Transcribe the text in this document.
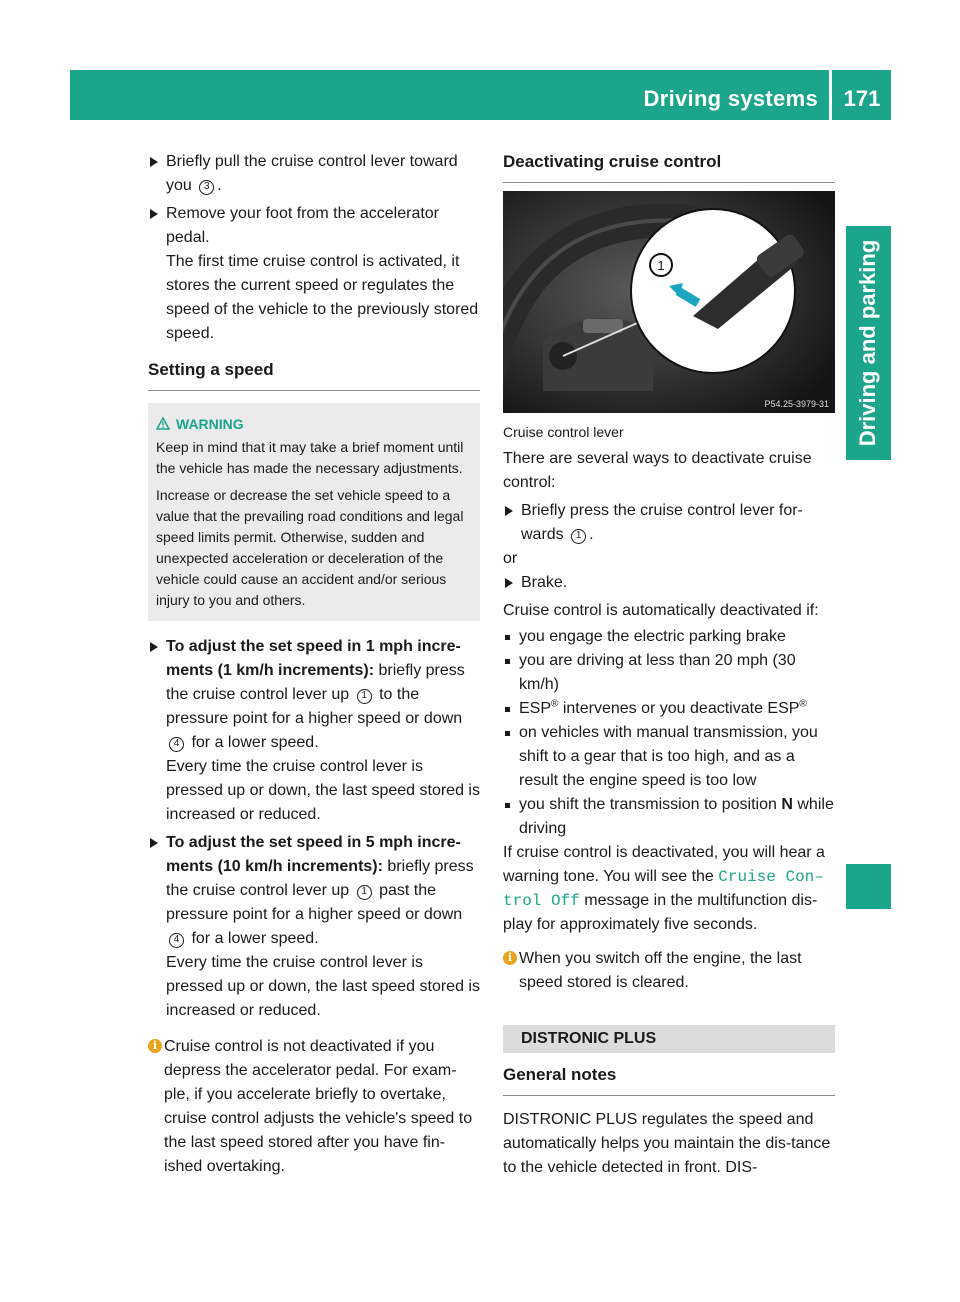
Driving systems 171
Driving and parking
Briefly pull the cruise control lever toward you 3 .
Remove your foot from the accelerator pedal.
The first time cruise control is activated, it stores the current speed or regulates the speed of the vehicle to the previously stored speed.
Setting a speed
WARNING

Keep in mind that it may take a brief moment until the vehicle has made the necessary adjustments.

Increase or decrease the set vehicle speed to a value that the prevailing road conditions and legal speed limits permit. Otherwise, sudden and unexpected acceleration or deceleration of the vehicle could cause an accident and/or serious injury to you and others.

To adjust the set speed in 1 mph incre-ments (1 km/h increments): briefly press the cruise control lever up 1 to the pressure point for a higher speed or down 4 for a lower speed.
Every time the cruise control lever is pressed up or down, the last speed stored is increased or reduced.
To adjust the set speed in 5 mph incre-ments (10 km/h increments): briefly press the cruise control lever up 1 past the pressure point for a higher speed or down 4 for a lower speed.
Every time the cruise control lever is pressed up or down, the last speed stored is increased or reduced.
i Cruise control is not deactivated if you depress the accelerator pedal. For exam-ple, if you accelerate briefly to overtake, cruise control adjusts the vehicle's speed to the last speed stored after you have fin-ished overtaking.
Deactivating cruise control
1
P54.25-3979-31
Cruise control lever
There are several ways to deactivate cruise control:
Briefly press the cruise control lever for-wards 1 .
or
Brake.
Cruise control is automatically deactivated if:
you engage the electric parking brake
you are driving at less than 20 mph (30 km/h)
ESP® intervenes or you deactivate ESP®
on vehicles with manual transmission, you shift to a gear that is too high, and as a result the engine speed is too low
you shift the transmission to position N while driving
If cruise control is deactivated, you will hear a warning tone. You will see the Cruise Con– trol Off message in the multifunction dis-play for approximately five seconds.
i When you switch off the engine, the last speed stored is cleared.
DISTRONIC PLUS
General notes
DISTRONIC PLUS regulates the speed and automatically helps you maintain the dis-tance to the vehicle detected in front. DIS-
